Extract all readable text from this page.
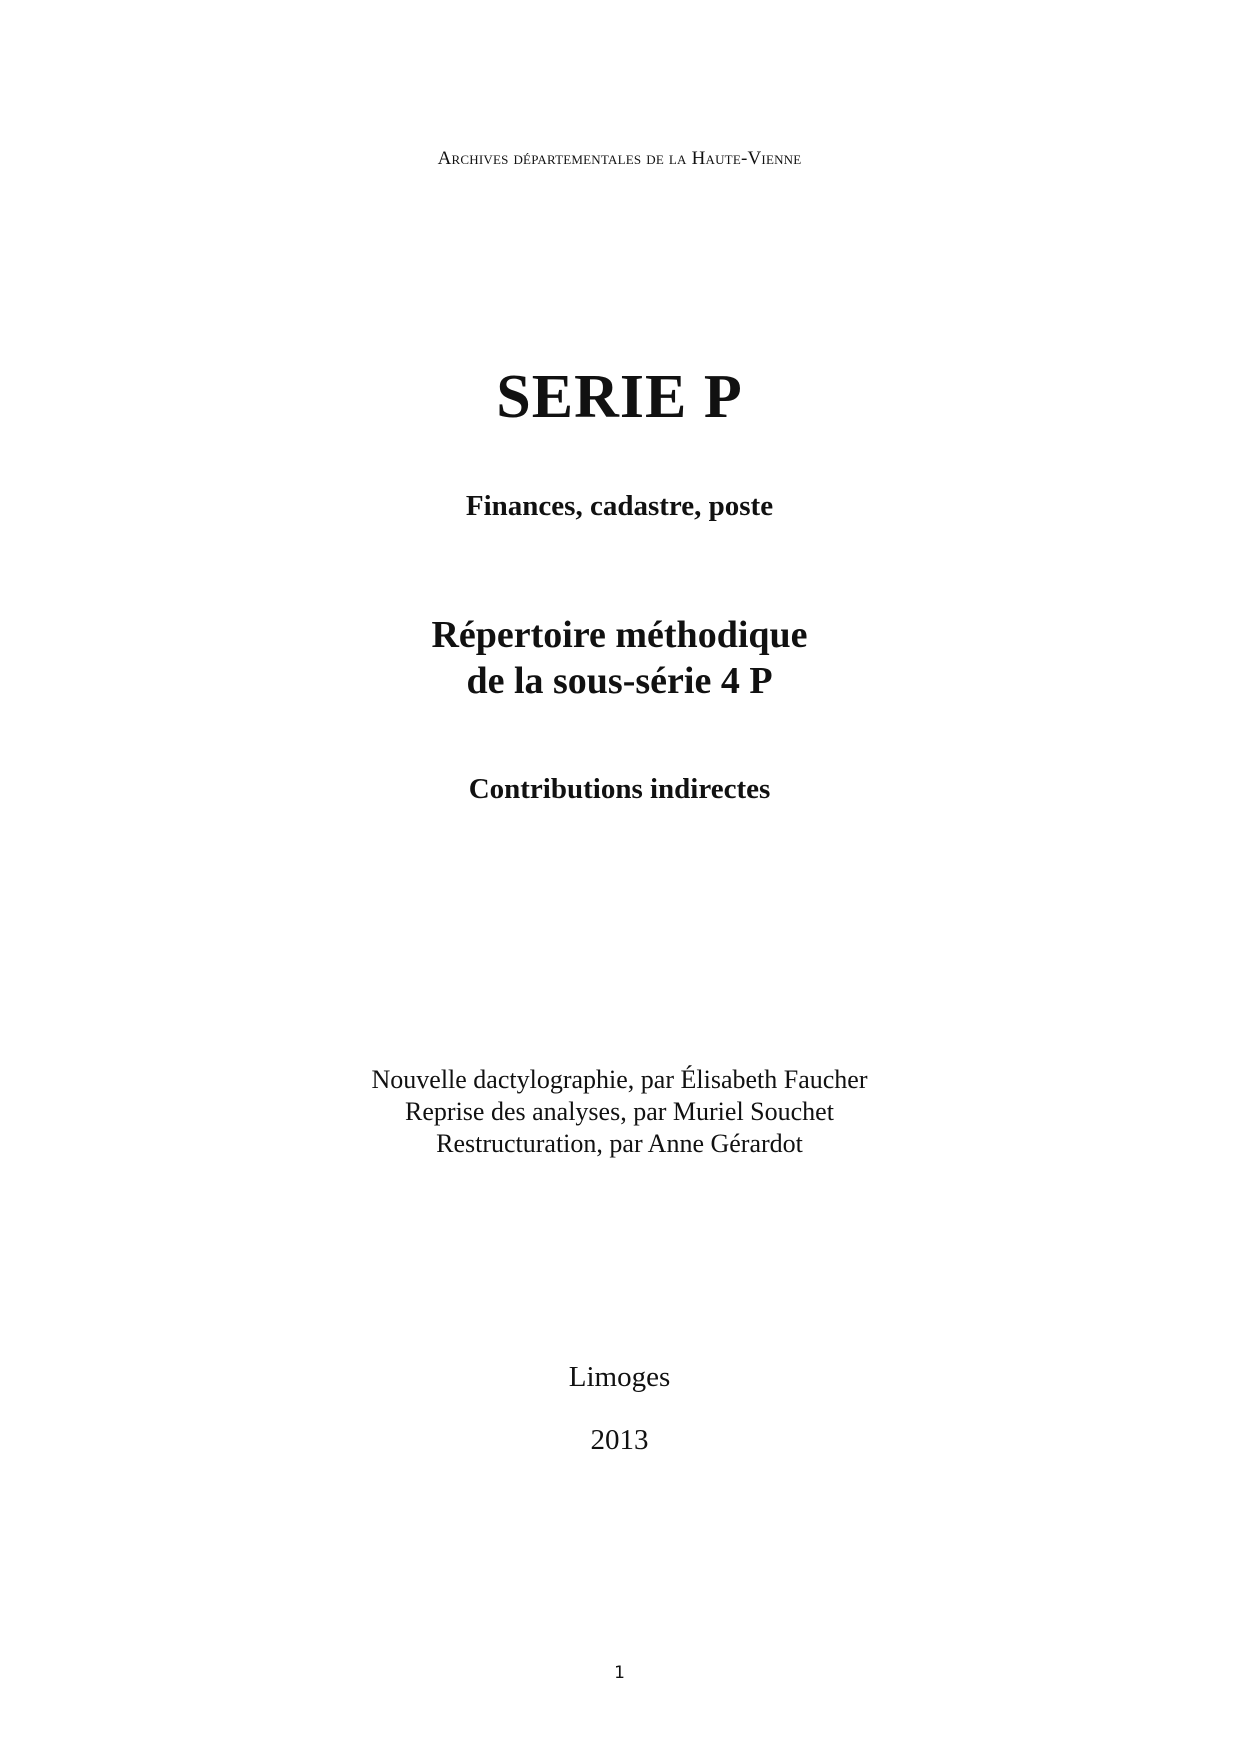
Archives départementales de la Haute-Vienne
SERIE P
Finances, cadastre, poste
Répertoire méthodique
de la sous-série 4 P
Contributions indirectes
Nouvelle dactylographie, par Élisabeth Faucher
Reprise des analyses, par Muriel Souchet
Restructuration, par Anne Gérardot
Limoges
2013
1
